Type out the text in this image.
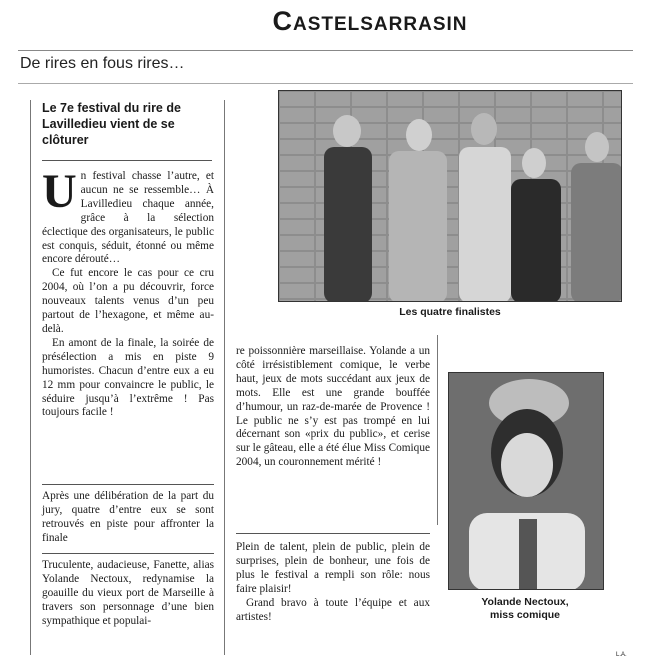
Castelsarrasin
De rires en fous rires…
Le 7e festival du rire de Lavilledieu vient de se clôturer

Un festival chasse l’autre, et aucun ne se ressemble… À Lavilledieu chaque année, grâce à la sélection éclectique des organisateurs, le public est conquis, séduit, étonné ou même encore dérouté…

Ce fut encore le cas pour ce cru 2004, où l’on a pu découvrir, force nouveaux talents venus d’un peu partout de l’hexagone, et même au-delà.

En amont de la finale, la soirée de présélection a mis en piste 9 humoristes. Chacun d’entre eux a eu 12 mm pour convaincre le public, le séduire jusqu’à l’extrême ! Pas toujours facile !

Après une délibération de la part du jury, quatre d’entre eux se sont retrouvés en piste pour affronter la finale

Truculente, audacieuse, Fanette, alias Yolande Nectoux, redynamise la goauille du vieux port de Marseille à travers son personnage d’une bien sympathique et populai-

Les quatre finalistes

re poissonnière marseillaise. Yolande a un côté irrésistiblement comique, le verbe haut, jeux de mots succédant aux jeux de mots. Elle est une grande bouffée d’humour, un raz-de-marée de Provence ! Le public ne s’y est pas trompé en lui décernant son «prix du public», et cerise sur le gâteau, elle a été élue Miss Comique 2004, un couronnement mérité !

Plein de talent, plein de public, plein de surprises, plein de bonheur, une fois de plus le festival a rempli son rôle: nous faire plaisir!

Grand bravo à toute l’équipe et aux artistes!

L.A.
Yolande Nectoux,
miss comique
